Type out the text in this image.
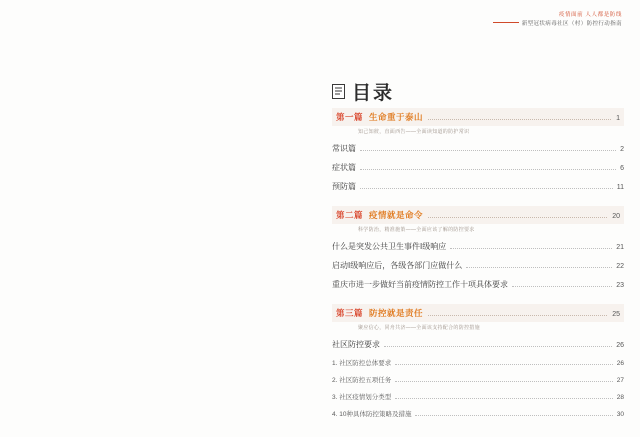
疫情面前 人人都是防线
新型冠状病毒社区（村）防控行动指南
目录
第一篇 生命重于泰山	1
知己知彼，直面西告——全面读知道的防护常识
常识篇	2
症状篇	6
预防篇	11
第二篇 疫情就是命令	20
科学防治，精准施策——全面应该了解的防控要求
什么是突发公共卫生事件I级响应	21
启动I级响应后，各级各部门应做什么	22
重庆市进一步做好当前疫情防控工作十项具体要求	23
第三篇 防控就是责任	25
聚应信心，同舟共济——全面该支持配合的防控措施
社区防控要求	26
1. 社区防控总体要求	26
2. 社区防控五项任务	27
3. 社区疫情划分类型	28
4. 10种具体防控策略及措施	30
